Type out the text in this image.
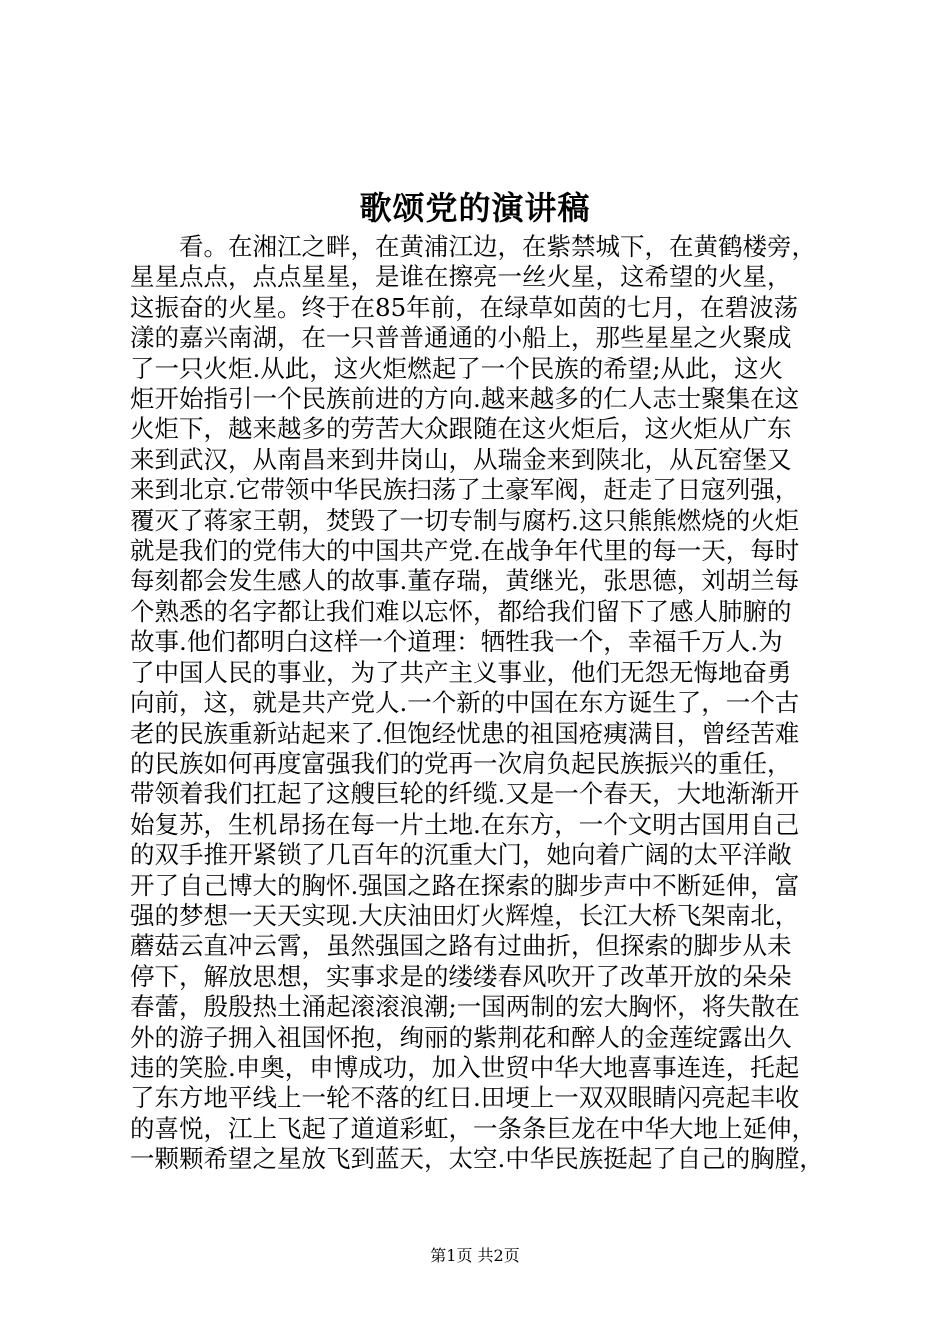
歌颂党的演讲稿
　　看。在湘江之畔，在黄浦江边，在紫禁城下，在黄鹤楼旁，
星星点点，点点星星，是谁在擦亮一丝火星，这希望的火星，
这振奋的火星。终于在85年前，在绿草如茵的七月，在碧波荡
漾的嘉兴南湖，在一只普普通通的小船上，那些星星之火聚成
了一只火炬.从此，这火炬燃起了一个民族的希望;从此，这火
炬开始指引一个民族前进的方向.越来越多的仁人志士聚集在这
火炬下，越来越多的劳苦大众跟随在这火炬后，这火炬从广东
来到武汉，从南昌来到井岗山，从瑞金来到陕北，从瓦窑堡又
来到北京.它带领中华民族扫荡了土豪军阀，赶走了日寇列强，
覆灭了蒋家王朝，焚毁了一切专制与腐朽.这只熊熊燃烧的火炬
就是我们的党伟大的中国共产党.在战争年代里的每一天，每时
每刻都会发生感人的故事.董存瑞，黄继光，张思德，刘胡兰每
个熟悉的名字都让我们难以忘怀，都给我们留下了感人肺腑的
故事.他们都明白这样一个道理：牺牲我一个，幸福千万人.为
了中国人民的事业，为了共产主义事业，他们无怨无悔地奋勇
向前，这，就是共产党人.一个新的中国在东方诞生了，一个古
老的民族重新站起来了.但饱经忧患的祖国疮痍满目，曾经苦难
的民族如何再度富强我们的党再一次肩负起民族振兴的重任，
带领着我们扛起了这艘巨轮的纤缆.又是一个春天，大地渐渐开
始复苏，生机昂扬在每一片土地.在东方，一个文明古国用自己
的双手推开紧锁了几百年的沉重大门，她向着广阔的太平洋敞
开了自己博大的胸怀.强国之路在探索的脚步声中不断延伸，富
强的梦想一天天实现.大庆油田灯火辉煌，长江大桥飞架南北，
蘑菇云直冲云霄，虽然强国之路有过曲折，但探索的脚步从未
停下，解放思想，实事求是的缕缕春风吹开了改革开放的朵朵
春蕾，殷殷热土涌起滚滚浪潮;一国两制的宏大胸怀，将失散在
外的游子拥入祖国怀抱，绚丽的紫荆花和醉人的金莲绽露出久
违的笑脸.申奥，申博成功，加入世贸中华大地喜事连连，托起
了东方地平线上一轮不落的红日.田埂上一双双眼睛闪亮起丰收
的喜悦，江上飞起了道道彩虹，一条条巨龙在中华大地上延伸，
一颗颗希望之星放飞到蓝天，太空.中华民族挺起了自己的胸膛，
第1页 共2页
